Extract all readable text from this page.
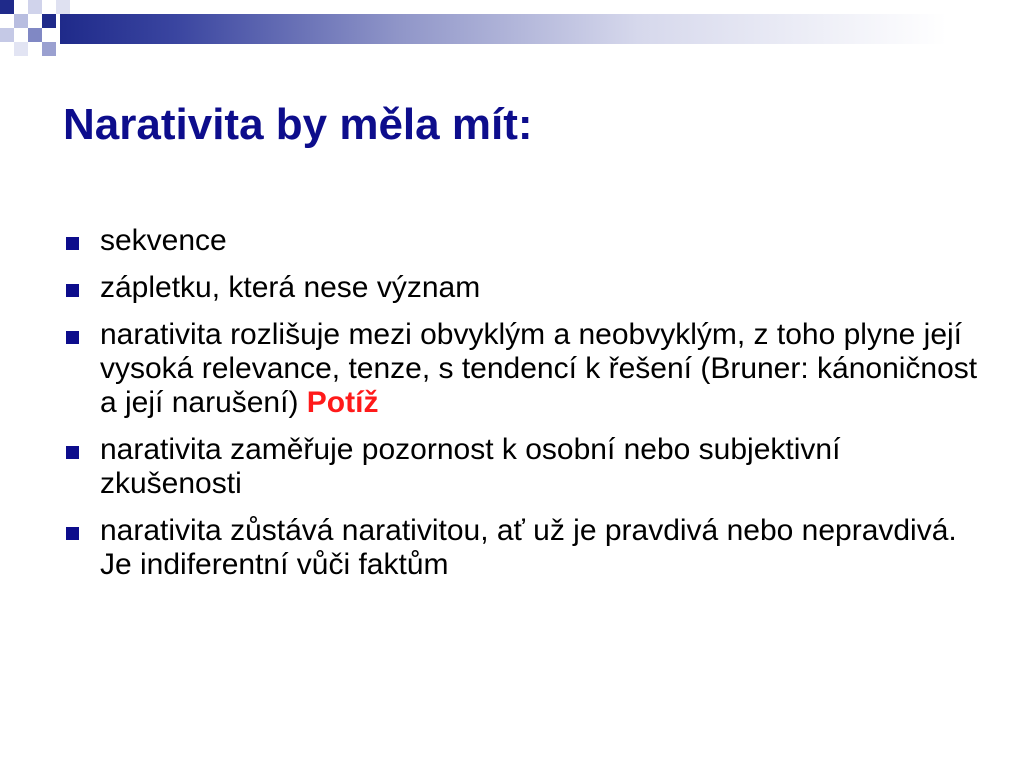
Narativita by měla mít:
sekvence
zápletku, která nese význam
narativita rozlišuje mezi obvyklým a neobvyklým, z toho plyne její vysoká relevance, tenze, s tendencí k řešení (Bruner: kánoničnost a její narušení) Potíž
narativita zaměřuje pozornost k osobní nebo subjektivní zkušenosti
narativita zůstává narativitou, ať už je pravdivá nebo nepravdivá. Je indiferentní vůči faktům
